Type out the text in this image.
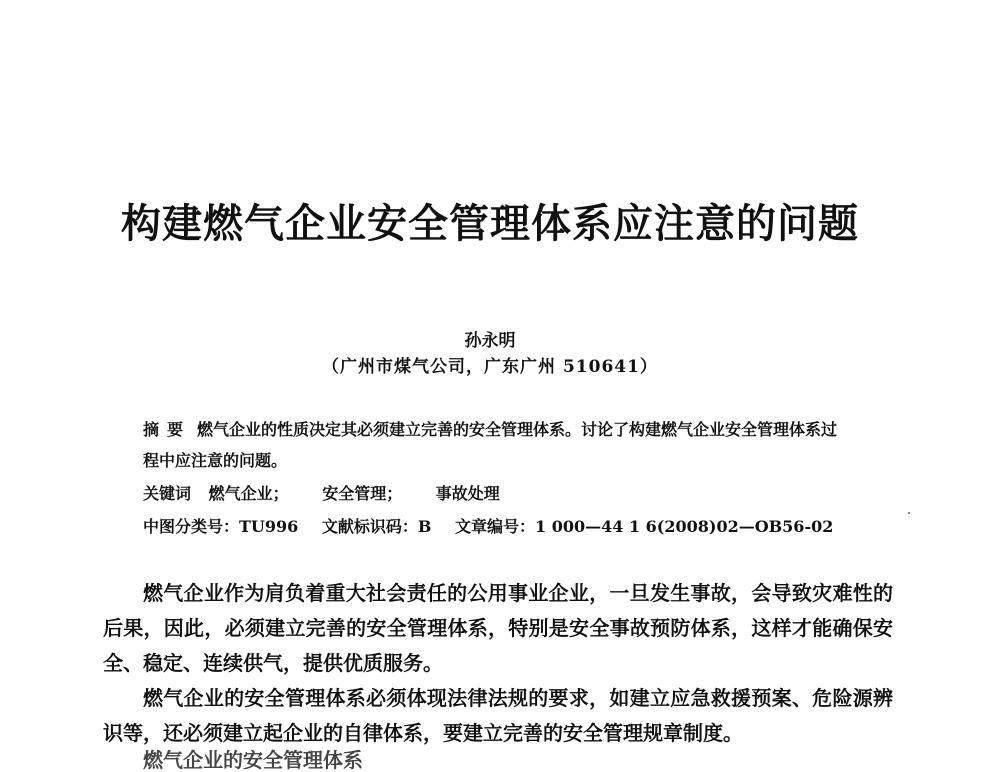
构建燃气企业安全管理体系应注意的问题
孙永明
（广州市煤气公司，广东广州 510641）
摘要 燃气企业的性质决定其必须建立完善的安全管理体系。讨论了构建燃气企业安全管理体系过程中应注意的问题。
关键词 燃气企业； 安全管理； 事故处理
中图分类号：TU996 文献标识码：B 文章编号：1 000—44 1 6(2008)02—OB56-02

燃气企业作为肩负着重大社会责任的公用事业企业，一旦发生事故，会导致灾难性的后果，因此，必须建立完善的安全管理体系，特别是安全事故预防体系，这样才能确保安全、稳定、连续供气，提供优质服务。

燃气企业的安全管理体系必须体现法律法规的要求，如建立应急救援预案、危险源辨识等，还必须建立起企业的自律体系，要建立完善的安全管理规章制度。

燃气企业的安全管理体系
